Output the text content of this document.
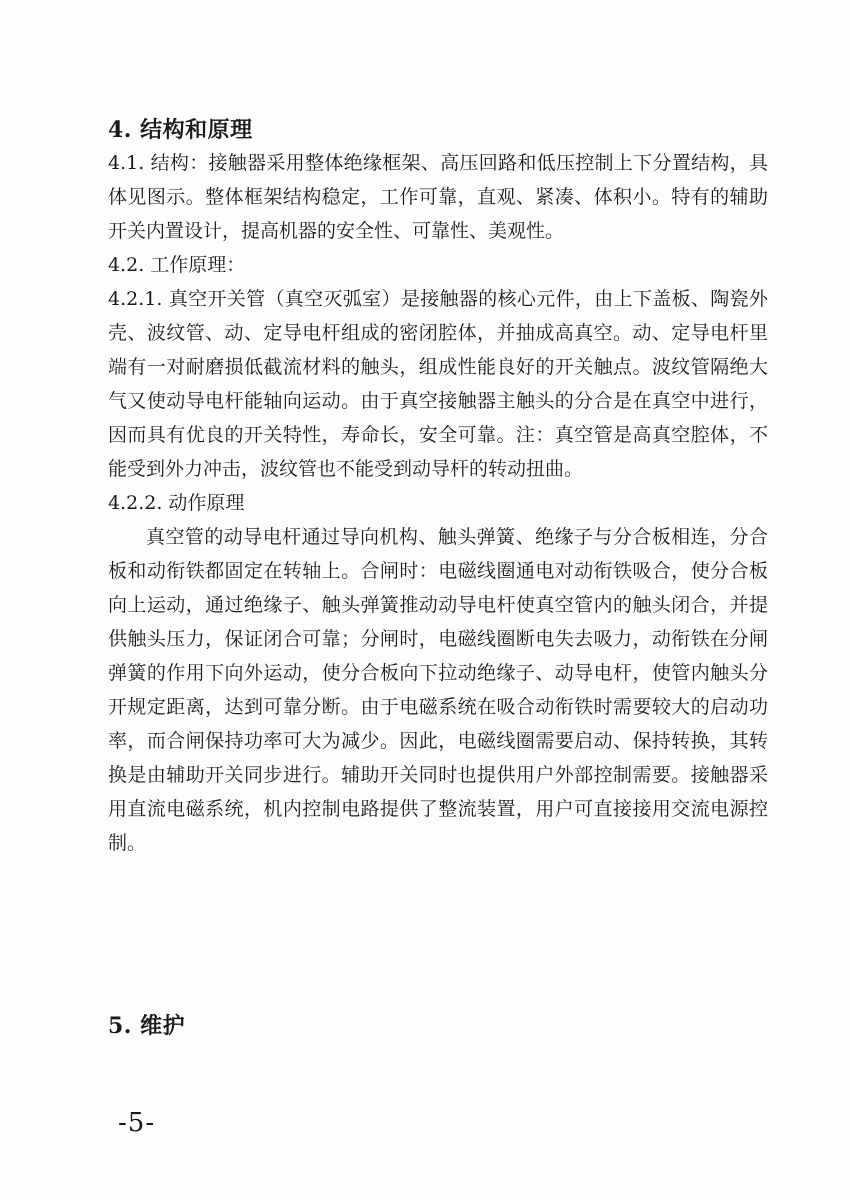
4. 结构和原理

4.1. 结构：接触器采用整体绝缘框架、高压回路和低压控制上下分置结构，具体见图示。整体框架结构稳定，工作可靠，直观、紧凑、体积小。特有的辅助开关内置设计，提高机器的安全性、可靠性、美观性。

4.2. 工作原理：

4.2.1. 真空开关管（真空灭弧室）是接触器的核心元件，由上下盖板、陶瓷外壳、波纹管、动、定导电杆组成的密闭腔体，并抽成高真空。动、定导电杆里端有一对耐磨损低截流材料的触头，组成性能良好的开关触点。波纹管隔绝大气又使动导电杆能轴向运动。由于真空接触器主触头的分合是在真空中进行，因而具有优良的开关特性，寿命长，安全可靠。注：真空管是高真空腔体，不能受到外力冲击，波纹管也不能受到动导杆的转动扭曲。

4.2.2. 动作原理

真空管的动导电杆通过导向机构、触头弹簧、绝缘子与分合板相连，分合板和动衔铁都固定在转轴上。合闸时：电磁线圈通电对动衔铁吸合，使分合板向上运动，通过绝缘子、触头弹簧推动动导电杆使真空管内的触头闭合，并提供触头压力，保证闭合可靠；分闸时，电磁线圈断电失去吸力，动衔铁在分闸弹簧的作用下向外运动，使分合板向下拉动绝缘子、动导电杆，使管内触头分开规定距离，达到可靠分断。由于电磁系统在吸合动衔铁时需要较大的启动功率，而合闸保持功率可大为减少。因此，电磁线圈需要启动、保持转换，其转换是由辅助开关同步进行。辅助开关同时也提供用户外部控制需要。接触器采用直流电磁系统，机内控制电路提供了整流装置，用户可直接接用交流电源控制。

5. 维护
-5-
